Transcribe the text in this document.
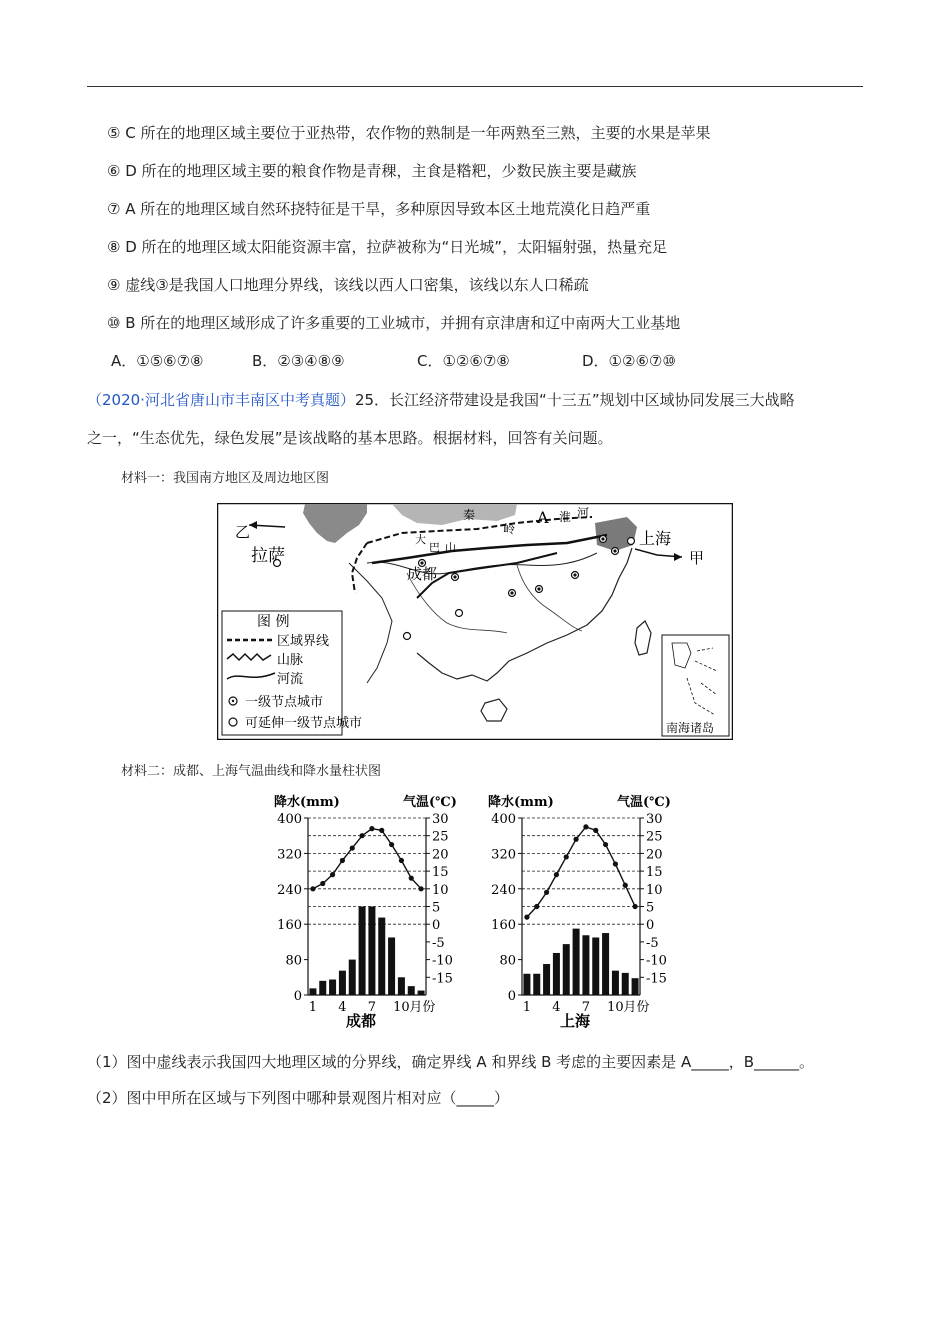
⑤ C 所在的地理区域主要位于亚热带，农作物的熟制是一年两熟至三熟，主要的水果是苹果
⑥ D 所在的地理区域主要的粮食作物是青稞，主食是糌粑，少数民族主要是藏族
⑦ A 所在的地理区域自然环挠特征是干旱，多种原因导致本区土地荒漠化日趋严重
⑧ D 所在的地理区域太阳能资源丰富，拉萨被称为“日光城”，太阳辐射强，热量充足
⑨ 虚线③是我国人口地理分界线，该线以西人口密集，该线以东人口稀疏
⑩ B 所在的地理区域形成了许多重要的工业城市，并拥有京津唐和辽中南两大工业基地
A．①⑤⑥⑦⑧	B．②③④⑧⑨	C．①②⑥⑦⑧	D．①②⑥⑦⑩
（2020·河北省唐山市丰南区中考真题）25．长江经济带建设是我国“十三五”规划中区域协同发展三大战略
之一，“生态优先，绿色发展”是该战略的基本思路。根据材料，回答有关问题。
材料一：我国南方地区及周边地区图
乙
拉萨
成都
上海
甲
A
秦
岭
淮 河
大
巴 山
图 例
区域界线
山脉
河流
一级节点城市
可延伸一级节点城市	南海诸岛
材料二：成都、上海气温曲线和降水量柱状图
降水(mm)	气温(℃)
400
320
240
160
80
0
30
25
20
15
10
5
0
-5
-10
-15
1 4 7 10 月份
成都
降水(mm)	气温(℃)
400
320
240
160
80
0
30
25
20
15
10
5
0
-5
-10
-15
1 4 7 10 月份
上海
（1）图中虚线表示我国四大地理区域的分界线，确定界线 A 和界线 B 考虑的主要因素是 A_____，B______。
（2）图中甲所在区域与下列图中哪种景观图片相对应（_____）
